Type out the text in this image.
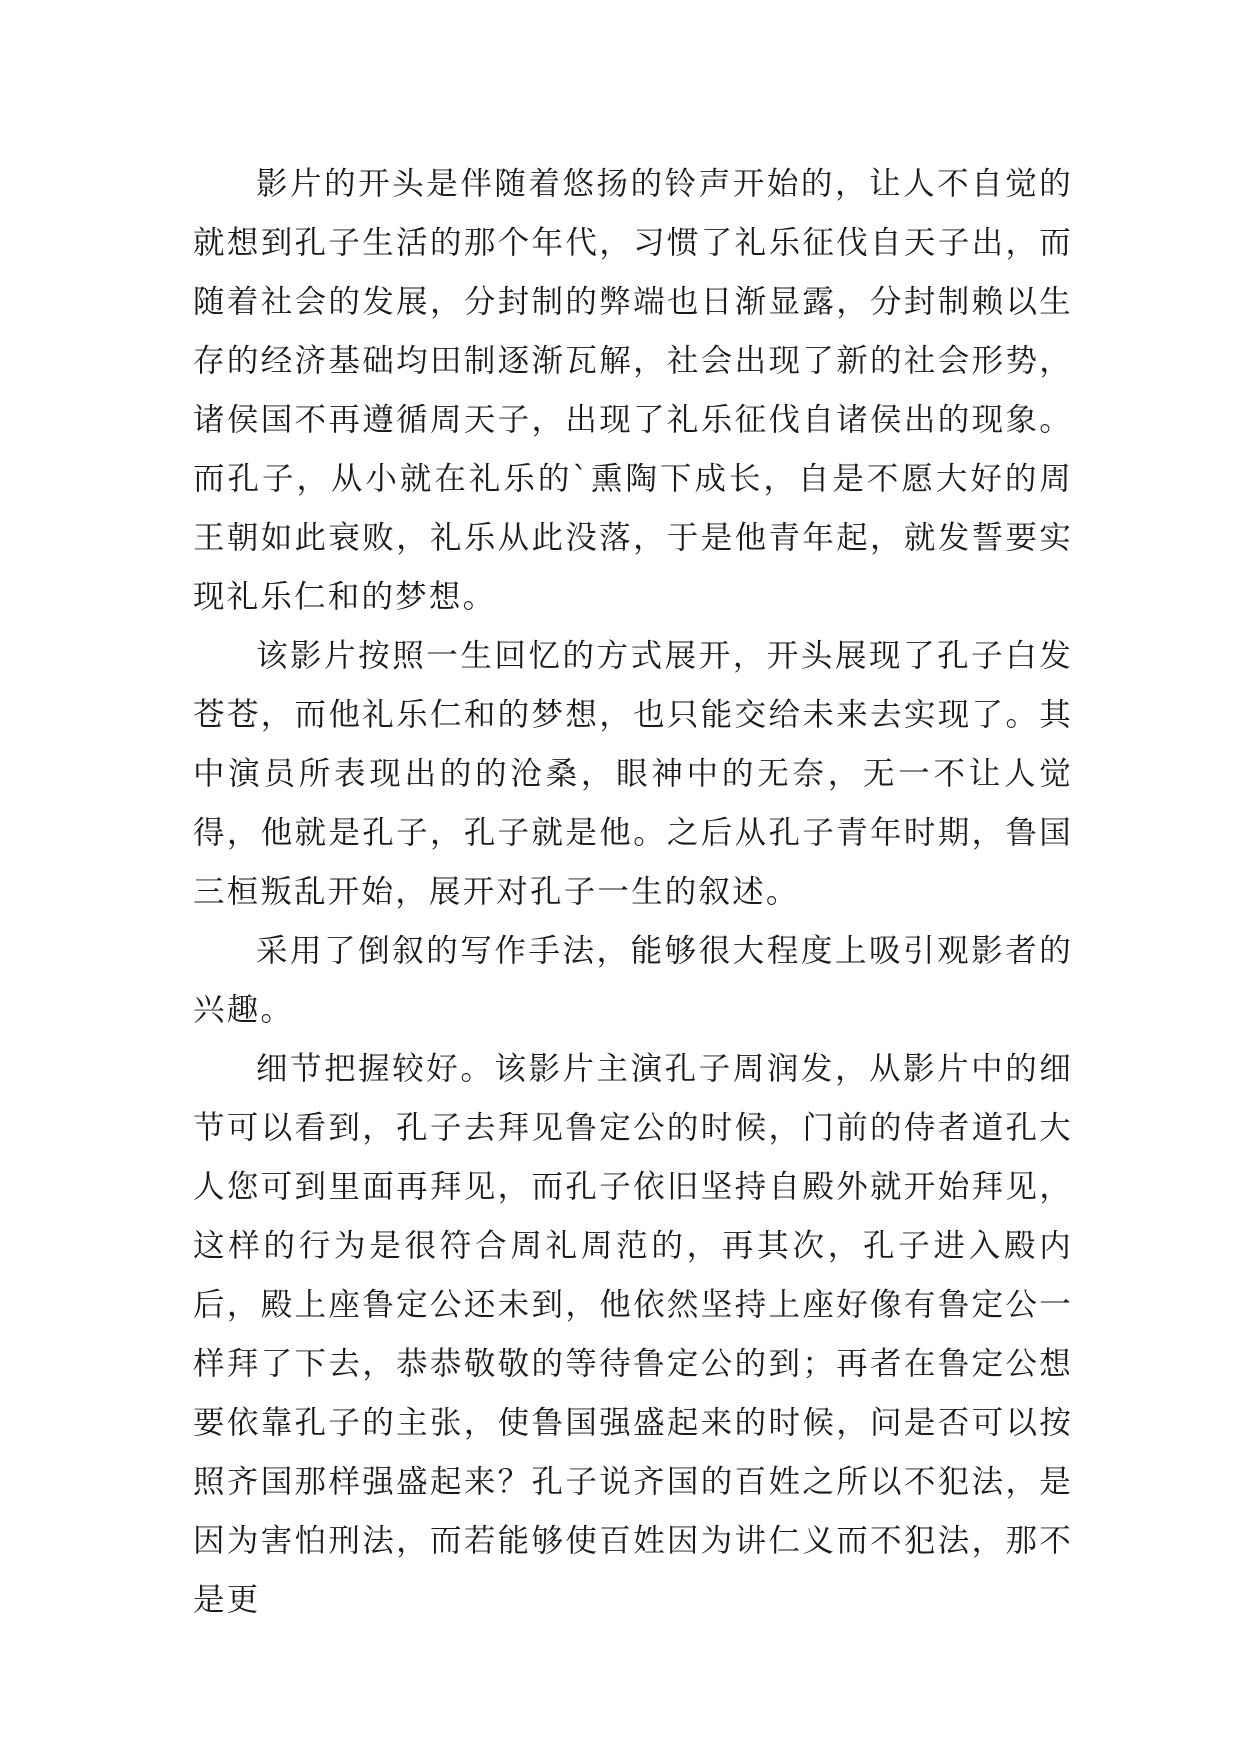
影片的开头是伴随着悠扬的铃声开始的，让人不自觉的就想到孔子生活的那个年代，习惯了礼乐征伐自天子出，而随着社会的发展，分封制的弊端也日渐显露，分封制赖以生存的经济基础均田制逐渐瓦解，社会出现了新的社会形势，诸侯国不再遵循周天子，出现了礼乐征伐自诸侯出的现象。而孔子，从小就在礼乐的`熏陶下成长，自是不愿大好的周王朝如此衰败，礼乐从此没落，于是他青年起，就发誓要实现礼乐仁和的梦想。

该影片按照一生回忆的方式展开，开头展现了孔子白发苍苍，而他礼乐仁和的梦想，也只能交给未来去实现了。其中演员所表现出的的沧桑，眼神中的无奈，无一不让人觉得，他就是孔子，孔子就是他。之后从孔子青年时期，鲁国三桓叛乱开始，展开对孔子一生的叙述。

采用了倒叙的写作手法，能够很大程度上吸引观影者的兴趣。

细节把握较好。该影片主演孔子周润发，从影片中的细节可以看到，孔子去拜见鲁定公的时候，门前的侍者道孔大人您可到里面再拜见，而孔子依旧坚持自殿外就开始拜见，这样的行为是很符合周礼周范的，再其次，孔子进入殿内后，殿上座鲁定公还未到，他依然坚持上座好像有鲁定公一样拜了下去，恭恭敬敬的等待鲁定公的到；再者在鲁定公想要依靠孔子的主张，使鲁国强盛起来的时候，问是否可以按照齐国那样强盛起来？孔子说齐国的百姓之所以不犯法，是因为害怕刑法，而若能够使百姓因为讲仁义而不犯法，那不是更
